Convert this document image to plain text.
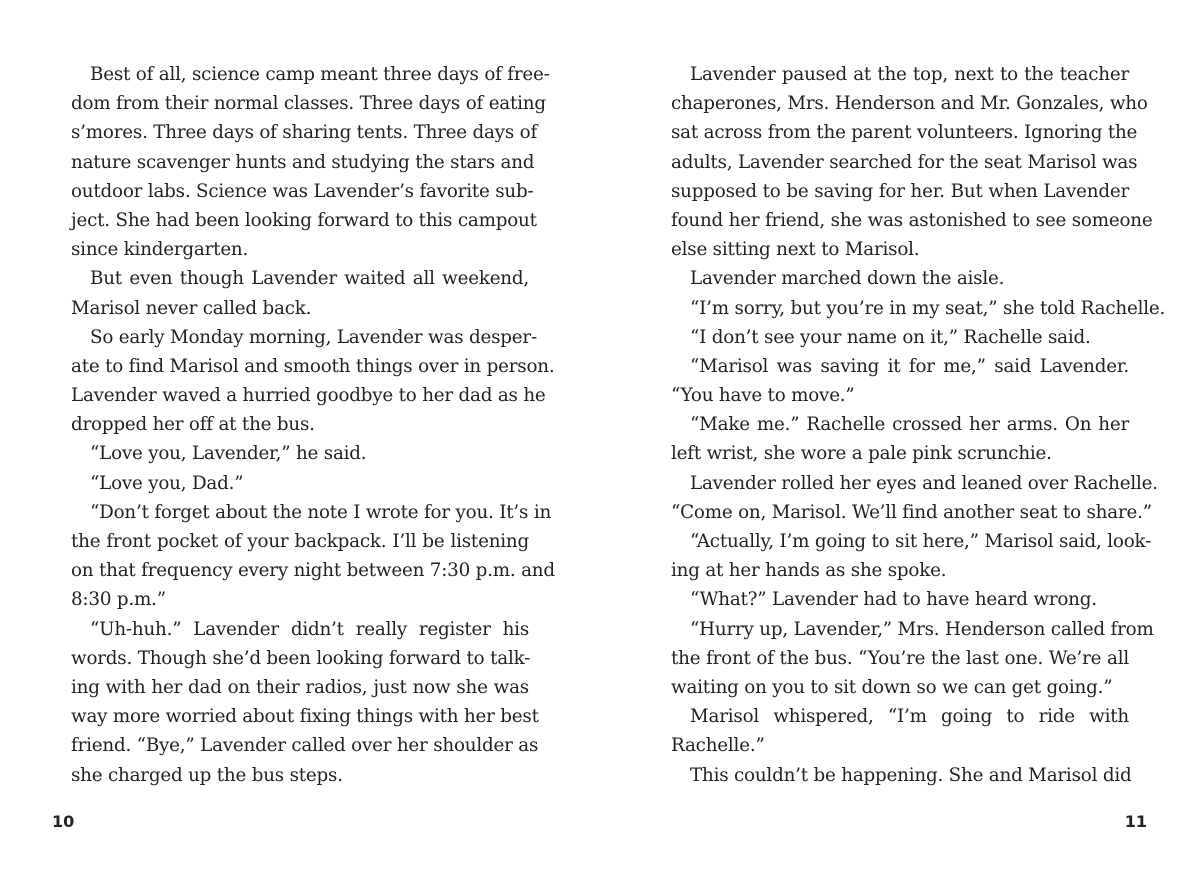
Best of all, science camp meant three days of free-
dom from their normal classes. Three days of eating
s’mores. Three days of sharing tents. Three days of
nature scavenger hunts and studying the stars and
outdoor labs. Science was Lavender’s favorite sub-
ject. She had been looking forward to this campout
since kindergarten.
But even though Lavender waited all weekend,
Marisol never called back.
So early Monday morning, Lavender was desper-
ate to find Marisol and smooth things over in person.
Lavender waved a hurried goodbye to her dad as he
dropped her off at the bus.
“Love you, Lavender,” he said.
“Love you, Dad.”
“Don’t forget about the note I wrote for you. It’s in
the front pocket of your backpack. I’ll be listening
on that frequency every night between 7:30 p.m. and
8:30 p.m.”
“Uh-huh.” Lavender didn’t really register his
words. Though she’d been looking forward to talk-
ing with her dad on their radios, just now she was
way more worried about fixing things with her best
friend. “Bye,” Lavender called over her shoulder as
she charged up the bus steps.
10
Lavender paused at the top, next to the teacher
chaperones, Mrs. Henderson and Mr. Gonzales, who
sat across from the parent volunteers. Ignoring the
adults, Lavender searched for the seat Marisol was
supposed to be saving for her. But when Lavender
found her friend, she was astonished to see someone
else sitting next to Marisol.
Lavender marched down the aisle.
“I’m sorry, but you’re in my seat,” she told Rachelle.
“I don’t see your name on it,” Rachelle said.
“Marisol was saving it for me,” said Lavender.
“You have to move.”
“Make me.” Rachelle crossed her arms. On her
left wrist, she wore a pale pink scrunchie.
Lavender rolled her eyes and leaned over Rachelle.
“Come on, Marisol. We’ll find another seat to share.”
“Actually, I’m going to sit here,” Marisol said, look-
ing at her hands as she spoke.
“What?” Lavender had to have heard wrong.
“Hurry up, Lavender,” Mrs. Henderson called from
the front of the bus. “You’re the last one. We’re all
waiting on you to sit down so we can get going.”
Marisol whispered, “I’m going to ride with
Rachelle.”
This couldn’t be happening. She and Marisol did
11
